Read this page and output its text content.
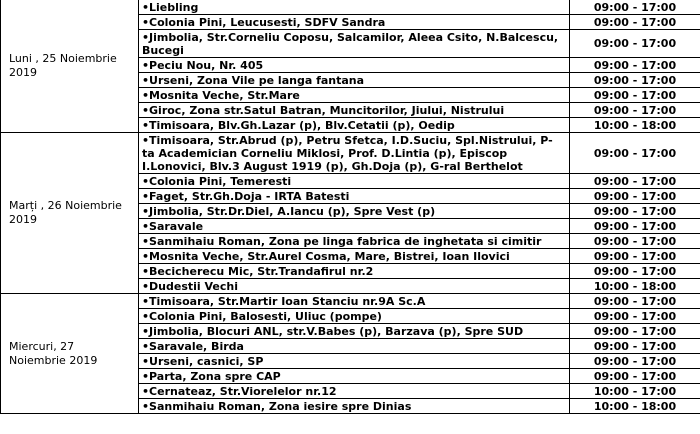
Luni , 25 Noiembrie 2019	•Liebling	09:00 - 17:00
	•Colonia Pini, Leucusesti, SDFV Sandra	09:00 - 17:00
	•Jimbolia, Str.Corneliu Coposu, Salcamilor, Aleea Csito, N.Balcescu, Bucegi	09:00 - 17:00
	•Peciu Nou, Nr. 405	09:00 - 17:00
	•Urseni, Zona Vile pe langa fantana	09:00 - 17:00
	•Mosnita Veche, Str.Mare	09:00 - 17:00
	•Giroc, Zona str.Satul Batran, Muncitorilor, Jiului, Nistrului	09:00 - 17:00
	•Timisoara, Blv.Gh.Lazar (p), Blv.Cetatii (p), Oedip	10:00 - 18:00
Marți , 26 Noiembrie 2019	•Timisoara, Str.Abrud (p), Petru Sfetca, I.D.Suciu, Spl.Nistrului, P-ta Academician Corneliu Miklosi, Prof. D.Lintia (p), Episcop I.Lonovici, Blv.3 August 1919 (p), Gh.Doja (p), G-ral Berthelot	09:00 - 17:00
	•Colonia Pini, Temeresti	09:00 - 17:00
	•Faget, Str.Gh.Doja - IRTA Batesti	09:00 - 17:00
	•Jimbolia, Str.Dr.Diel, A.Iancu (p), Spre Vest (p)	09:00 - 17:00
	•Saravale	09:00 - 17:00
	•Sanmihaiu Roman, Zona pe linga fabrica de inghetata si cimitir	09:00 - 17:00
	•Mosnita Veche, Str.Aurel Cosma, Mare, Bistrei, Ioan Ilovici	09:00 - 17:00
	•Becicherecu Mic, Str.Trandafirul nr.2	09:00 - 17:00
	•Dudestii Vechi	10:00 - 18:00
Miercuri, 27 Noiembrie 2019	•Timisoara, Str.Martir Ioan Stanciu nr.9A Sc.A	09:00 - 17:00
	•Colonia Pini, Balosesti, Uliuc (pompe)	09:00 - 17:00
	•Jimbolia, Blocuri ANL, str.V.Babes (p), Barzava (p), Spre SUD	09:00 - 17:00
	•Saravale, Birda	09:00 - 17:00
	•Urseni, casnici, SP	09:00 - 17:00
	•Parta, Zona spre CAP	09:00 - 17:00
	•Cernateaz, Str.Viorelelor nr.12	10:00 - 17:00
	•Sanmihaiu Roman, Zona iesire spre Dinias	10:00 - 18:00
